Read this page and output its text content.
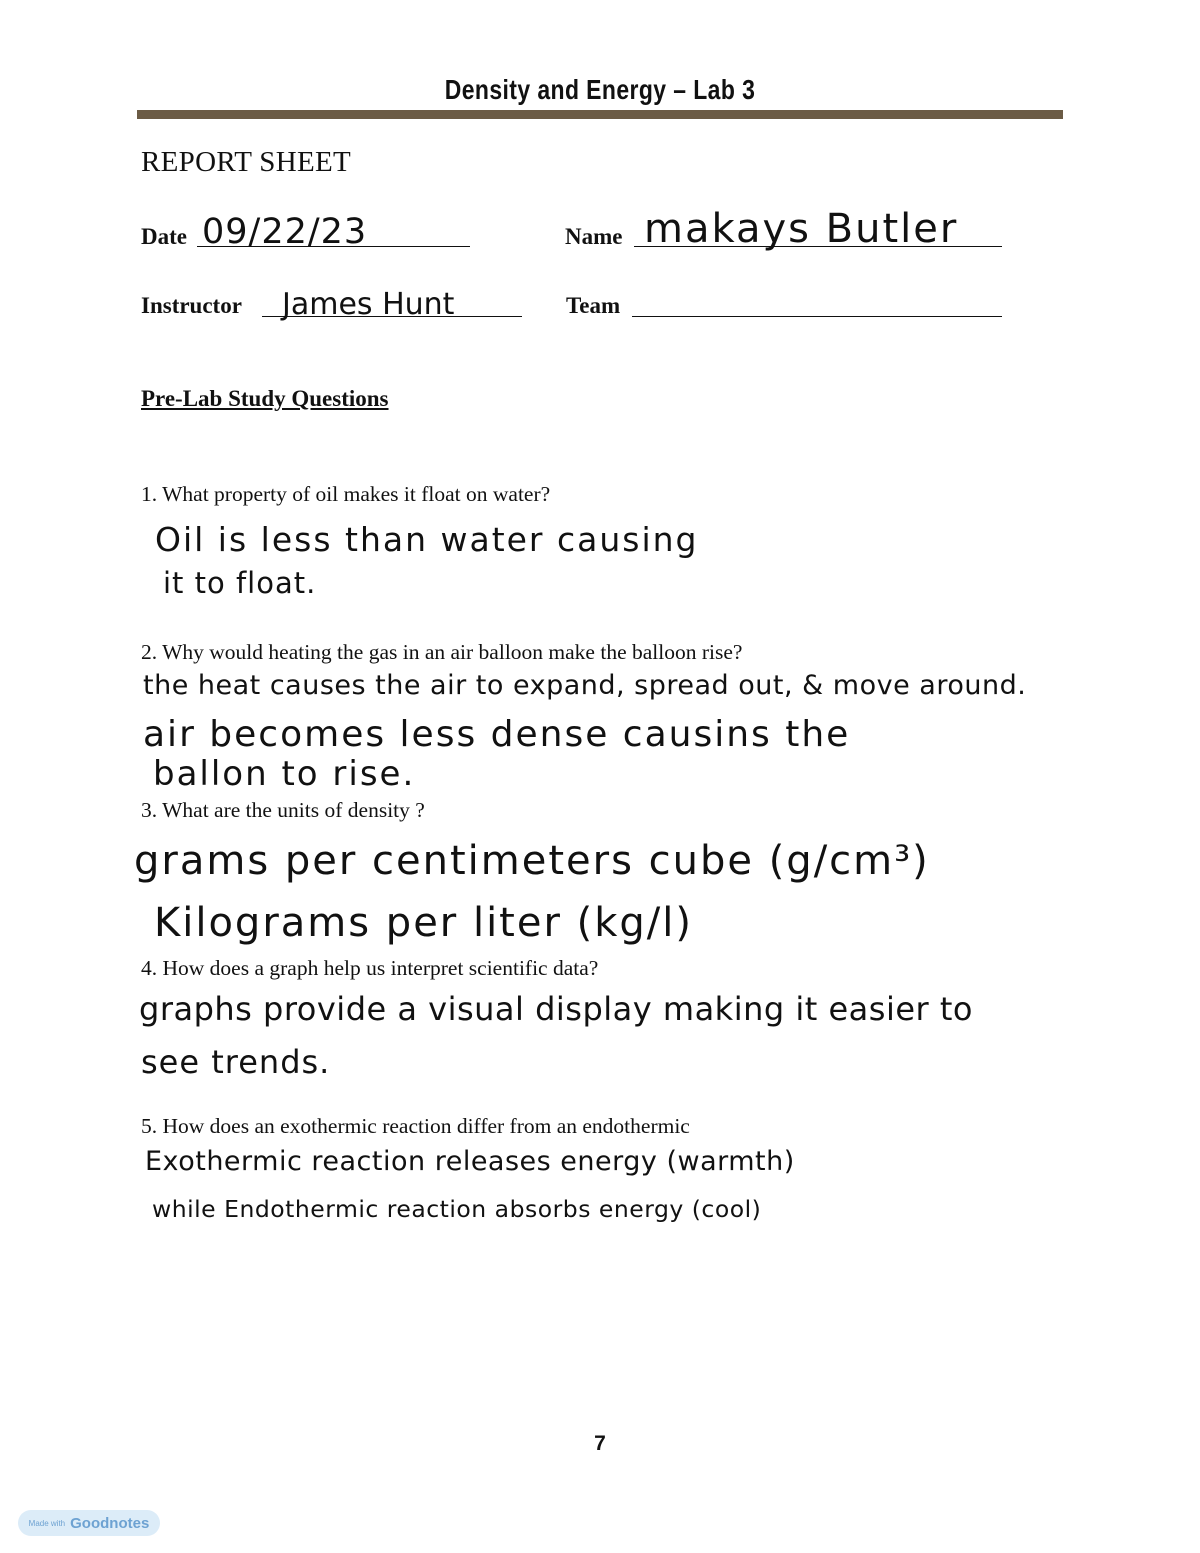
Density and Energy – Lab 3
REPORT SHEET
Date 09/22/23	Name makays Butler
Instructor James Hunt	Team
Pre-Lab Study Questions
1. What property of oil makes it float on water?
Oil is less than water causing
it to float.
2. Why would heating the gas in an air balloon make the balloon rise?
the heat causes the air to expand, spread out, & move around.
air becomes less dense causins the
ballon to rise.
3. What are the units of density ?
grams per centimeters cube (g/cm³)
Kilograms per liter (kg/l)
4. How does a graph help us interpret scientific data?
graphs provide a visual display making it easier to
see trends.
5. How does an exothermic reaction differ from an endothermic
Exothermic reaction releases energy (warmth)
while Endothermic reaction absorbs energy (cool)
7
Made with Goodnotes
